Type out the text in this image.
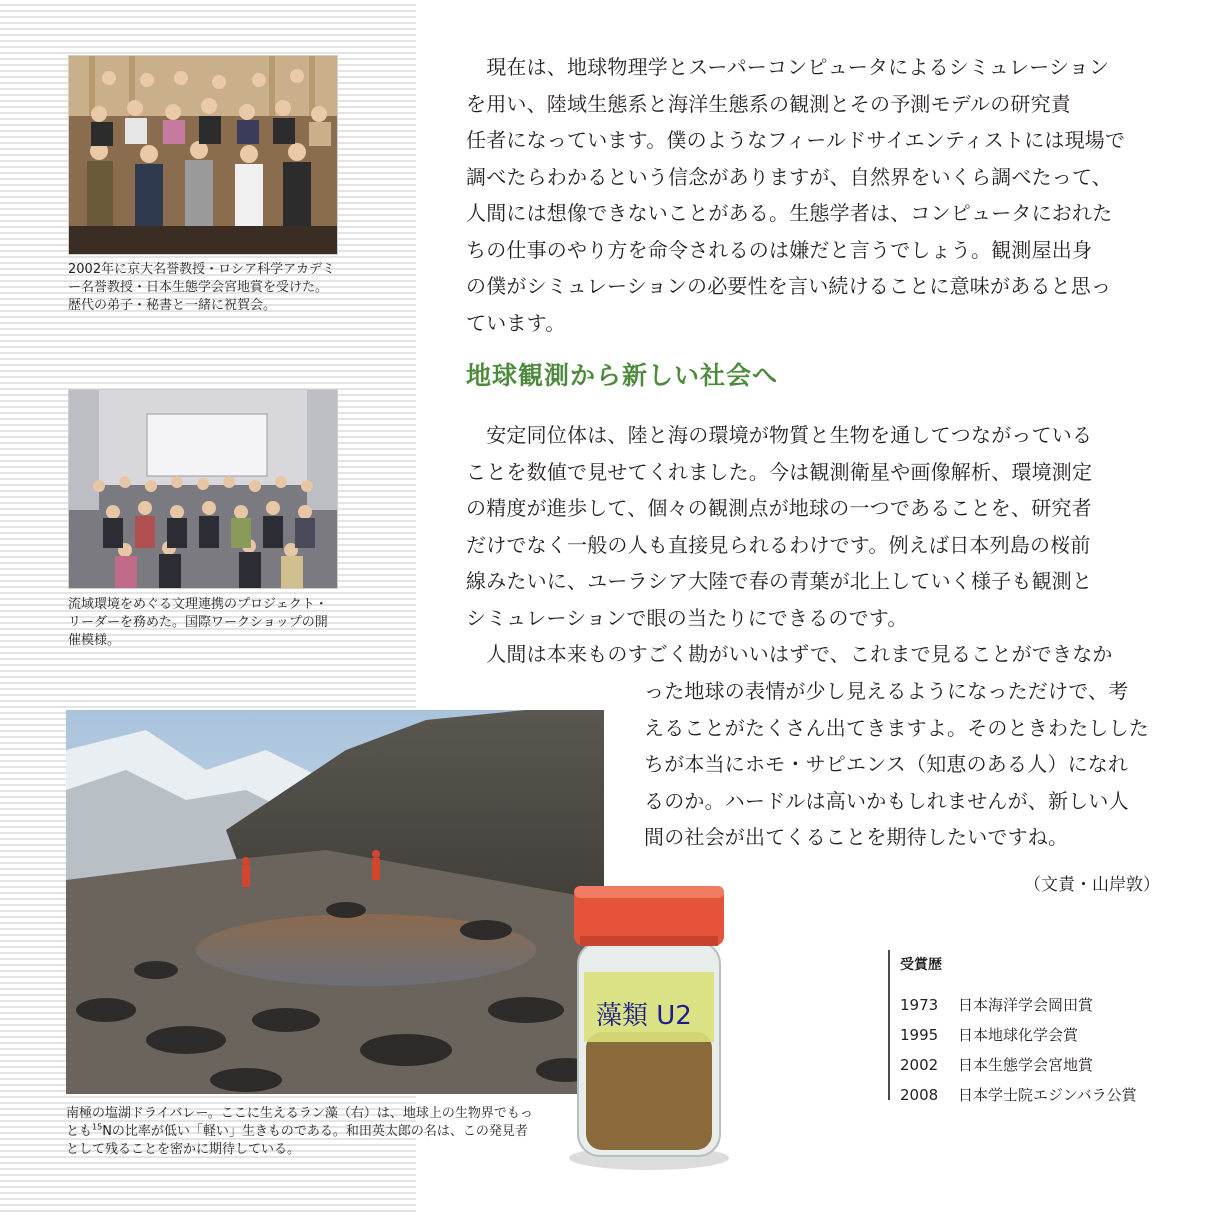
2002年に京大名誉教授・ロシア科学アカデミー名誉教授・日本生態学会宮地賞を受けた。歴代の弟子・秘書と一緒に祝賀会。

流域環境をめぐる文理連携のプロジェクト・リーダーを務めた。国際ワークショップの開催模様。

南極の塩湖ドライバレー。ここに生えるラン藻（右）は、地球上の生物界でもっとも$^{15}$Nの比率が低い「軽い」生きものである。和田英太郎の名は、この発見者として残ることを密かに期待している。

藻類 U2
　現在は、地球物理学とスーパーコンピュータによるシミュレーション
を用い、陸域生態系と海洋生態系の観測とその予測モデルの研究責
任者になっています。僕のようなフィールドサイエンティストには現場で
調べたらわかるという信念がありますが、自然界をいくら調べたって、
人間には想像できないことがある。生態学者は、コンピュータにおれた
ちの仕事のやり方を命令されるのは嫌だと言うでしょう。観測屋出身
の僕がシミュレーションの必要性を言い続けることに意味があると思っ
ています。
地球観測から新しい社会へ
　安定同位体は、陸と海の環境が物質と生物を通してつながっている
ことを数値で見せてくれました。今は観測衛星や画像解析、環境測定
の精度が進歩して、個々の観測点が地球の一つであることを、研究者
だけでなく一般の人も直接見られるわけです。例えば日本列島の桜前
線みたいに、ユーラシア大陸で春の青葉が北上していく様子も観測と
シミュレーションで眼の当たりにできるのです。
　人間は本来ものすごく勘がいいはずで、これまで見ることができなか
った地球の表情が少し見えるようになっただけで、考
えることがたくさん出てきますよ。そのときわたしした
ちが本当にホモ・サピエンス（知恵のある人）になれ
るのか。ハードルは高いかもしれませんが、新しい人
間の社会が出てくることを期待したいですね。

（文責・山岸敦）

受賞歴
1973	日本海洋学会岡田賞
1995	日本地球化学会賞
2002	日本生態学会宮地賞
2008	日本学士院エジンバラ公賞
